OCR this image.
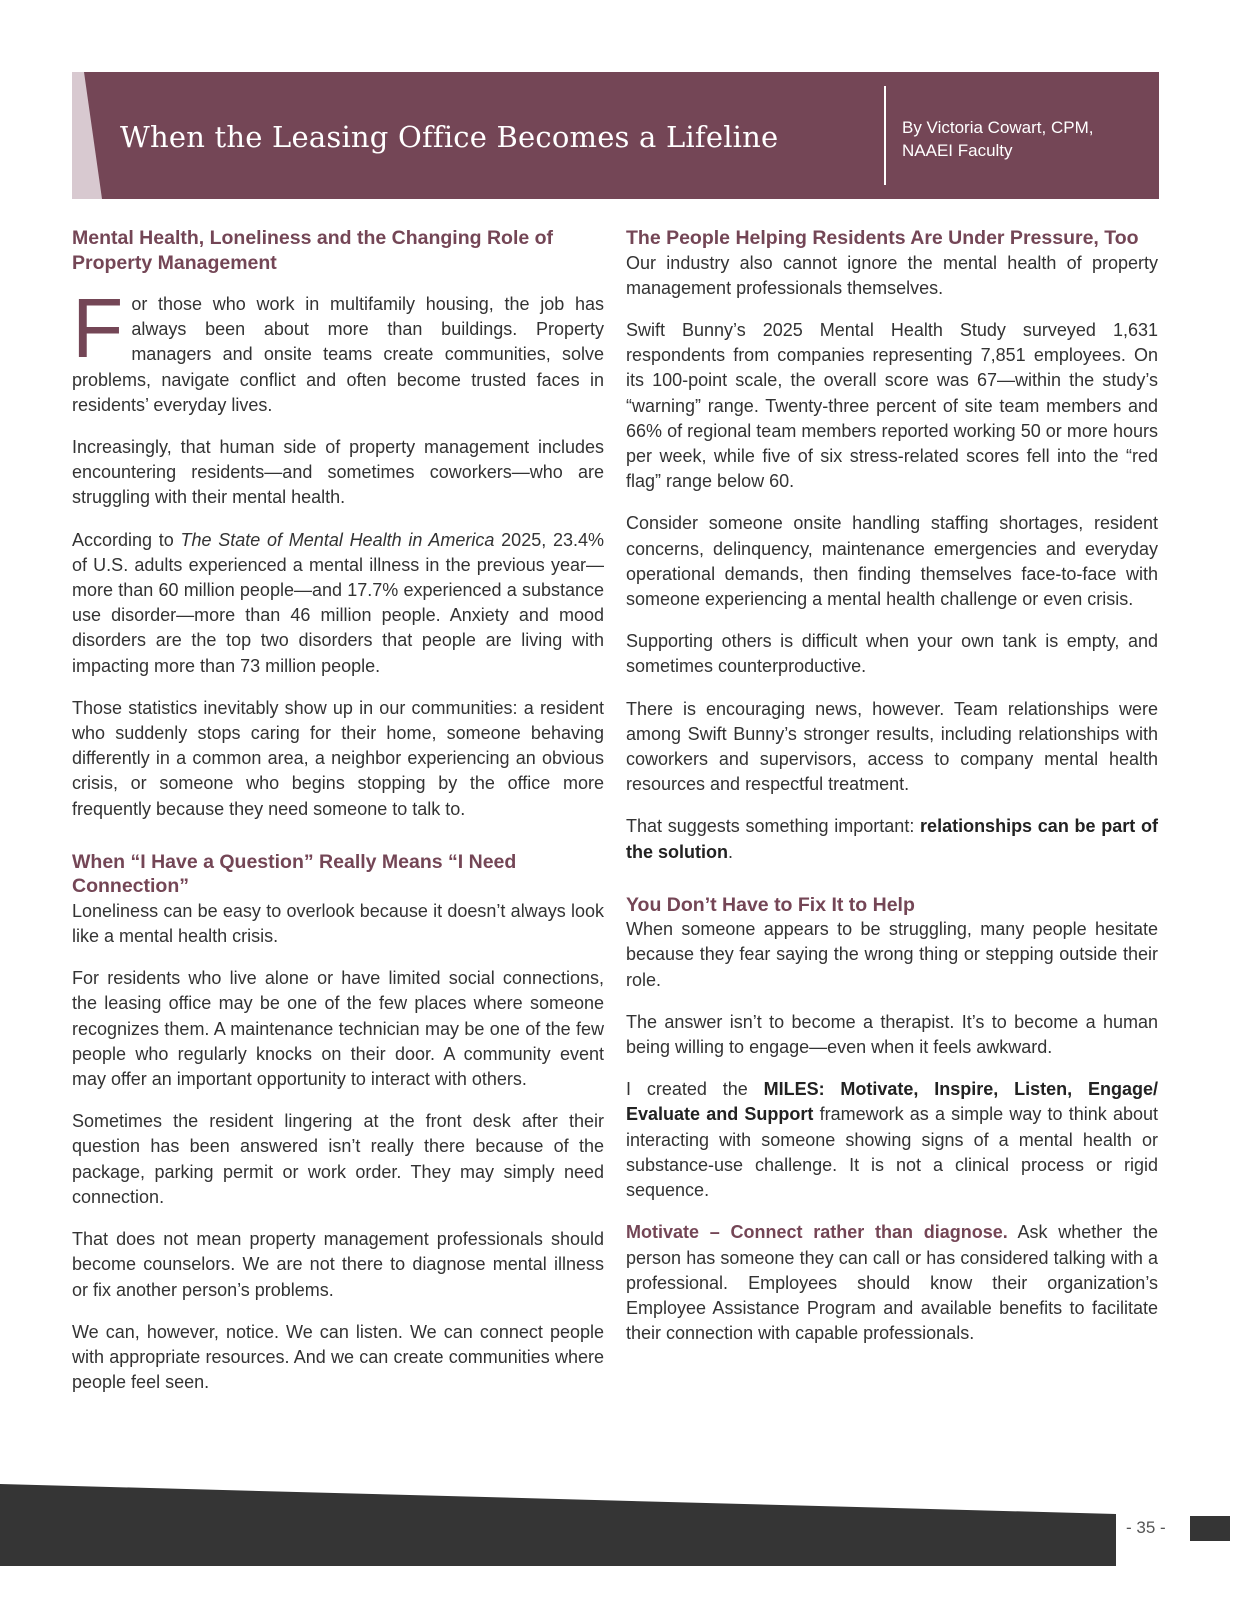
When the Leasing Office Becomes a Lifeline	By Victoria Cowart, CPM,
NAAEI Faculty
Mental Health, Loneliness and the Changing Role of Property Management

For those who work in multifamily housing, the job has always been about more than buildings. Property managers and onsite teams create communities, solve problems, navigate conflict and often become trusted faces in residents’ everyday lives.

Increasingly, that human side of property management includes encountering residents—and sometimes coworkers—who are struggling with their mental health.

According to The State of Mental Health in America 2025, 23.4% of U.S. adults experienced a mental illness in the previous year—more than 60 million people—and 17.7% experienced a substance use disorder—more than 46 million people. Anxiety and mood disorders are the top two disorders that people are living with impacting more than 73 million people.

Those statistics inevitably show up in our communities: a resident who suddenly stops caring for their home, someone behaving differently in a common area, a neighbor experiencing an obvious crisis, or someone who begins stopping by the office more frequently because they need someone to talk to.

When “I Have a Question” Really Means “I Need Connection”

Loneliness can be easy to overlook because it doesn’t always look like a mental health crisis.

For residents who live alone or have limited social connections, the leasing office may be one of the few places where someone recognizes them. A maintenance technician may be one of the few people who regularly knocks on their door. A community event may offer an important opportunity to interact with others.

Sometimes the resident lingering at the front desk after their question has been answered isn’t really there because of the package, parking permit or work order. They may simply need connection.

That does not mean property management professionals should become counselors. We are not there to diagnose mental illness or fix another person’s problems.

We can, however, notice. We can listen. We can connect people with appropriate resources. And we can create communities where people feel seen.

The People Helping Residents Are Under Pressure, Too

Our industry also cannot ignore the mental health of property management professionals themselves.

Swift Bunny’s 2025 Mental Health Study surveyed 1,631 respondents from companies representing 7,851 employees. On its 100-point scale, the overall score was 67—within the study’s “warning” range. Twenty-three percent of site team members and 66% of regional team members reported working 50 or more hours per week, while five of six stress-related scores fell into the “red flag” range below 60.

Consider someone onsite handling staffing shortages, resident concerns, delinquency, maintenance emergencies and everyday operational demands, then finding themselves face-to-face with someone experiencing a mental health challenge or even crisis.

Supporting others is difficult when your own tank is empty, and sometimes counterproductive.

There is encouraging news, however. Team relationships were among Swift Bunny’s stronger results, including relationships with coworkers and supervisors, access to company mental health resources and respectful treatment.

That suggests something important: relationships can be part of the solution.

You Don’t Have to Fix It to Help

When someone appears to be struggling, many people hesitate because they fear saying the wrong thing or stepping outside their role.

The answer isn’t to become a therapist. It’s to become a human being willing to engage—even when it feels awkward.

I created the MILES: Motivate, Inspire, Listen, Engage/ Evaluate and Support framework as a simple way to think about interacting with someone showing signs of a mental health or substance-use challenge. It is not a clinical process or rigid sequence.

Motivate – Connect rather than diagnose. Ask whether the person has someone they can call or has considered talking with a professional. Employees should know their organization’s Employee Assistance Program and available benefits to facilitate their connection with capable professionals.

- 35 -
